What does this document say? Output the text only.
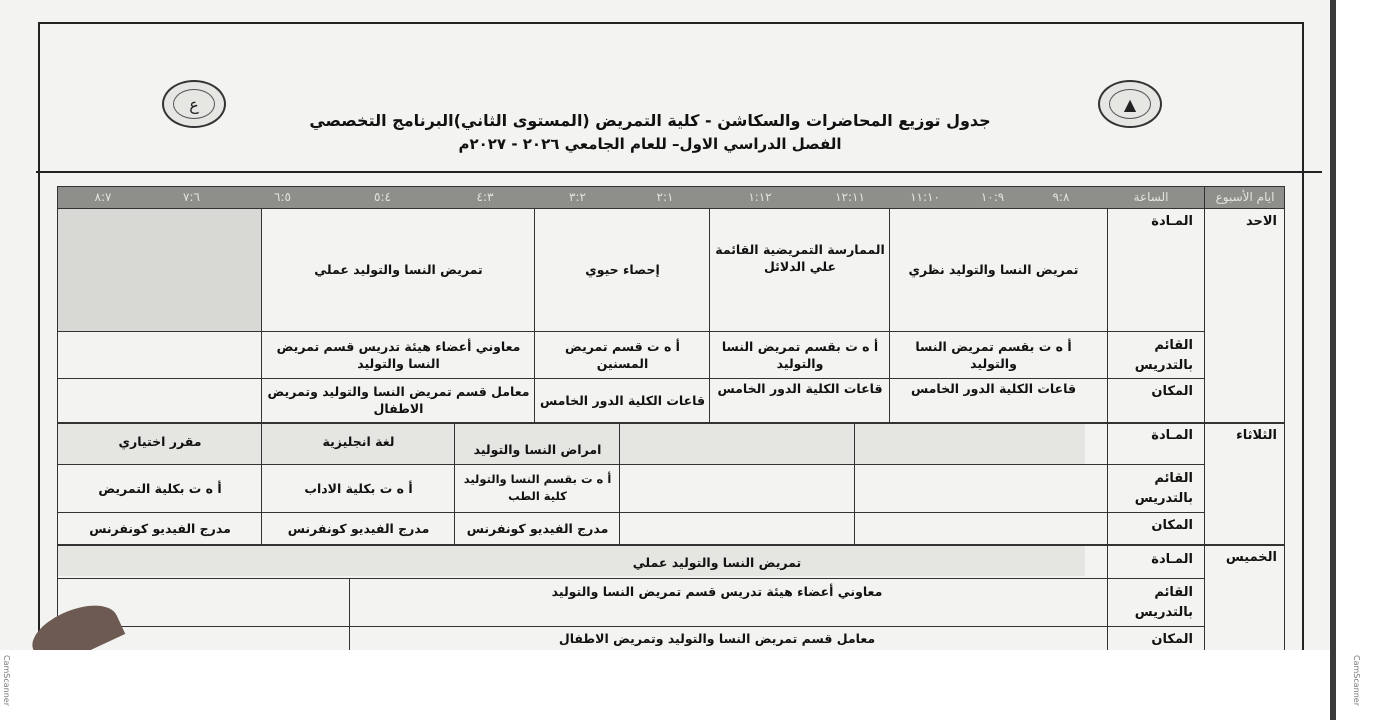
ع	▲
جدول توزيع المحاضرات والسكاشن - كلية التمريض (المستوى الثاني)البرنامج التخصصي
الفصل الدراسي الاول– للعام الجامعي ٢٠٢٦ - ٢٠٢٧م
ايام الأسبوع
الساعة
٩:٨
١٠:٩
١١:١٠
١٢:١١
١:١٢
٢:١
٣:٢
٤:٣
٥:٤
٦:٥
٧:٦
٨:٧
الاحد
الثلاثاء
الخميس
المـادة
القائم بالتدريس
المكان
المـادة
القائم بالتدريس
المكان
المـادة
القائم بالتدريس
المكان
تمريض النسا والتوليد نظري
الممارسة التمريضية القائمة علي الدلائل
إحصاء حيوي
تمريض النسا والتوليد عملي
أ ه ت بقسم تمريض النسا والتوليد
أ ه ت بقسم تمريض النسا والتوليد
أ ه ت قسم تمريض المسنين
معاوني أعضاء هيئة تدريس قسم تمريض النسا والتوليد
قاعات الكلية الدور الخامس
قاعات الكلية الدور الخامس
قاعات الكلية الدور الخامس
معامل قسم تمريض النسا والتوليد وتمريض الاطفال
امراض النسا والتوليد
لغة انجليزية
مقرر اختياري
أ ه ت بقسم النسا والتوليد كلية الطب
أ ه ت بكلية الاداب
أ ه ت بكلية التمريض
مدرج الفيديو كونفرنس
مدرج الفيديو كونفرنس
مدرج الفيديو كونفرنس
تمريض النسا والتوليد عملي
معاوني أعضاء هيئة تدريس قسم تمريض النسا والتوليد
معامل قسم تمريض النسا والتوليد وتمريض الاطفال
CamScanner
CamScanner
